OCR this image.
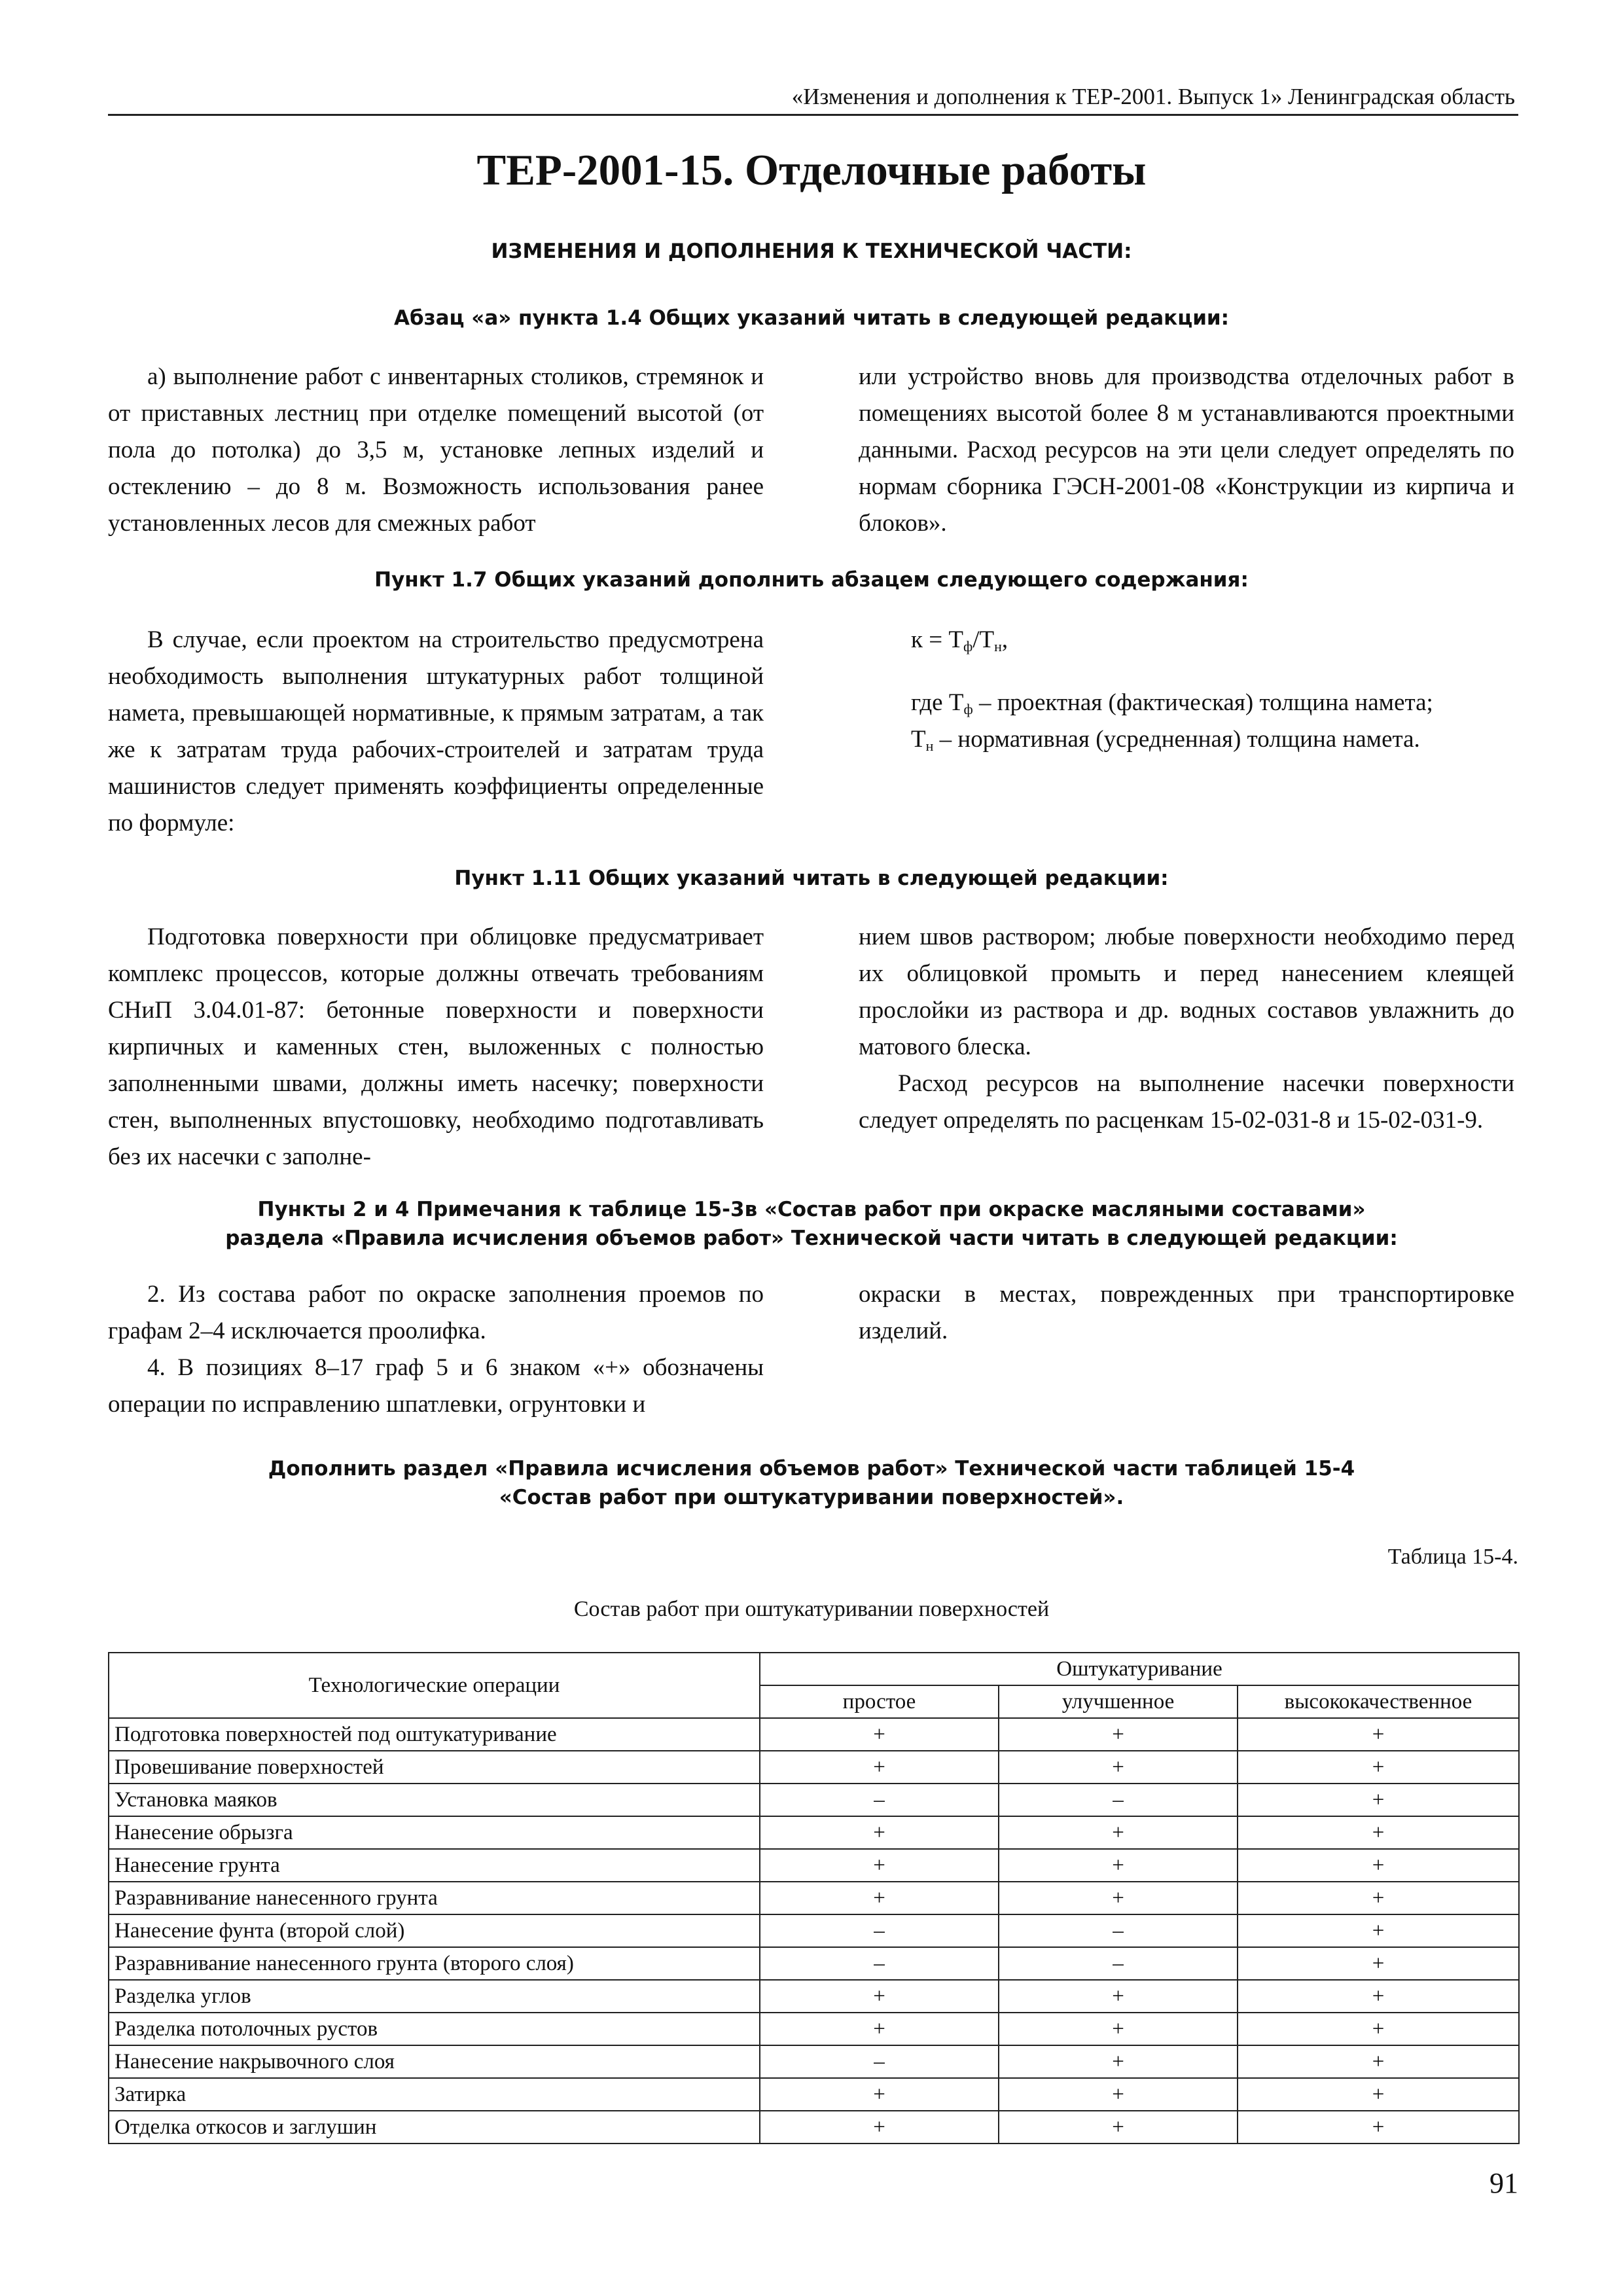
«Изменения и дополнения к ТЕР-2001. Выпуск 1» Ленинградская область
ТЕР-2001-15. Отделочные работы
ИЗМЕНЕНИЯ И ДОПОЛНЕНИЯ К ТЕХНИЧЕСКОЙ ЧАСТИ:
Абзац «а» пункта 1.4 Общих указаний читать в следующей редакции:

а) выполнение работ с инвентарных столиков, стремянок и от приставных лестниц при отделке помещений высотой (от пола до потолка) до 3,5 м, установке лепных изделий и остеклению – до 8 м. Возможность использования ранее установленных лесов для смежных работ

или устройство вновь для производства отделочных работ в помещениях высотой более 8 м устанавливаются проектными данными. Расход ресурсов на эти цели следует определять по нормам сборника ГЭСН-2001-08 «Конструкции из кирпича и блоков».

Пункт 1.7 Общих указаний дополнить абзацем следующего содержания:

В случае, если проектом на строительство предусмотрена необходимость выполнения штукатурных работ толщиной намета, превышающей нормативные, к прямым затратам, а так же к затратам труда рабочих-строителей и затратам труда машинистов следует применять коэффициенты определенные по формуле:

$к = Т_ф/Т_н$,

где $Т_ф$ – проектная (фактическая) толщина намета;

$Т_н$ – нормативная (усредненная) толщина намета.

Пункт 1.11 Общих указаний читать в следующей редакции:

Подготовка поверхности при облицовке предусматривает комплекс процессов, которые должны отвечать требованиям СНиП 3.04.01-87: бетонные поверхности и поверхности кирпичных и каменных стен, выложенных с полностью заполненными швами, должны иметь насечку; поверхности стен, выполненных впустошовку, необходимо подготавливать без их насечки с заполне-

нием швов раствором; любые поверхности необходимо перед их облицовкой промыть и перед нанесением клеящей прослойки из раствора и др. водных составов увлажнить до матового блеска.

Расход ресурсов на выполнение насечки поверхности следует определять по расценкам 15-02-031-8 и 15-02-031-9.

Пункты 2 и 4 Примечания к таблице 15-3в «Состав работ при окраске масляными составами»
раздела «Правила исчисления объемов работ» Технической части читать в следующей редакции:

2. Из состава работ по окраске заполнения проемов по графам 2–4 исключается проолифка.

4. В позициях 8–17 граф 5 и 6 знаком «+» обозначены операции по исправлению шпатлевки, огрунтовки и

окраски в местах, поврежденных при транспортировке изделий.

Дополнить раздел «Правила исчисления объемов работ» Технической части таблицей 15-4
«Состав работ при оштукатуривании поверхностей».
Таблица 15-4.
Состав работ при оштукатуривании поверхностей
Технологические операции	Оштукатуривание		
	простое	улучшенное	высококачественное
Подготовка поверхностей под оштукатуривание	+	+	+
Провешивание поверхностей	+	+	+
Установка маяков	–	–	+
Нанесение обрызга	+	+	+
Нанесение грунта	+	+	+
Разравнивание нанесенного грунта	+	+	+
Нанесение фунта (второй слой)	–	–	+
Разравнивание нанесенного грунта (второго слоя)	–	–	+
Разделка углов	+	+	+
Разделка потолочных рустов	+	+	+
Нанесение накрывочного слоя	–	+	+
Затирка	+	+	+
Отделка откосов и заглушин	+	+	+
91
